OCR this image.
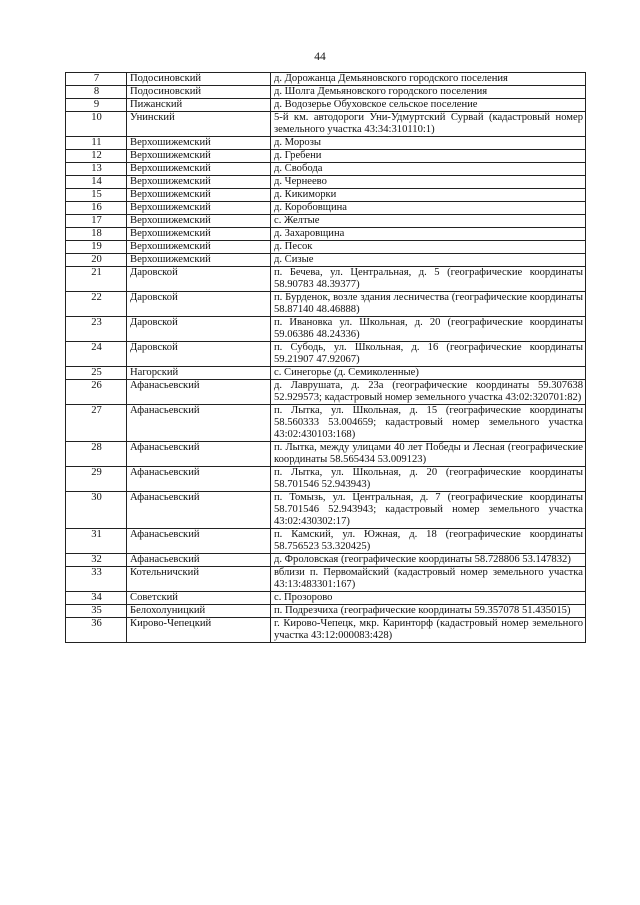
44
7	Подосиновский	д. Дорожанца Демьяновского городского поселения
8	Подосиновский	д. Шолга Демьяновского городского поселения
9	Пижанский	д. Водозерье Обуховское сельское поселение
10	Унинский	5-й км. автодороги Уни-Удмуртский Сурвай (кадастровый номер земельного участка 43:34:310110:1)
11	Верхошижемский	д. Морозы
12	Верхошижемский	д. Гребени
13	Верхошижемский	д. Свобода
14	Верхошижемский	д. Чернеево
15	Верхошижемский	д. Кикиморки
16	Верхошижемский	д. Коробовщина
17	Верхошижемский	с. Желтые
18	Верхошижемский	д. Захаровщина
19	Верхошижемский	д. Песок
20	Верхошижемский	д. Сизые
21	Даровской	п. Бечева, ул. Центральная, д. 5 (географические координаты 58.90783 48.39377)
22	Даровской	п. Бурденок, возле здания лесничества (географические координаты 58.87140 48.46888)
23	Даровской	п. Ивановка ул. Школьная, д. 20 (географические координаты 59.06386 48.24336)
24	Даровской	п. Субодь, ул. Школьная, д. 16 (географические координаты 59.21907 47.92067)
25	Нагорский	с. Синегорье (д. Семиколенные)
26	Афанасьевский	д. Лаврушата, д. 23а (географические координаты 59.307638 52.929573; кадастровый номер земельного участка 43:02:320701:82)
27	Афанасьевский	п. Лытка, ул. Школьная, д. 15 (географические координаты 58.560333 53.004659; кадастровый номер земельного участка 43:02:430103:168)
28	Афанасьевский	п. Лытка, между улицами 40 лет Победы и Лесная (географические координаты 58.565434 53.009123)
29	Афанасьевский	п. Лытка, ул. Школьная, д. 20 (географические координаты 58.701546 52.943943)
30	Афанасьевский	п. Томызь, ул. Центральная, д. 7 (географические координаты 58.701546 52.943943; кадастровый номер земельного участка 43:02:430302:17)
31	Афанасьевский	п. Камский, ул. Южная, д. 18 (географические координаты 58.756523 53.320425)
32	Афанасьевский	д. Фроловская (географические координаты 58.728806 53.147832)
33	Котельничский	вблизи п. Первомайский (кадастровый номер земельного участка 43:13:483301:167)
34	Советский	с. Прозорово
35	Белохолуницкий	п. Подрезчиха (географические координаты 59.357078 51.435015)
36	Кирово-Чепецкий	г. Кирово-Чепецк, мкр. Каринторф (кадастровый номер земельного участка 43:12:000083:428)
